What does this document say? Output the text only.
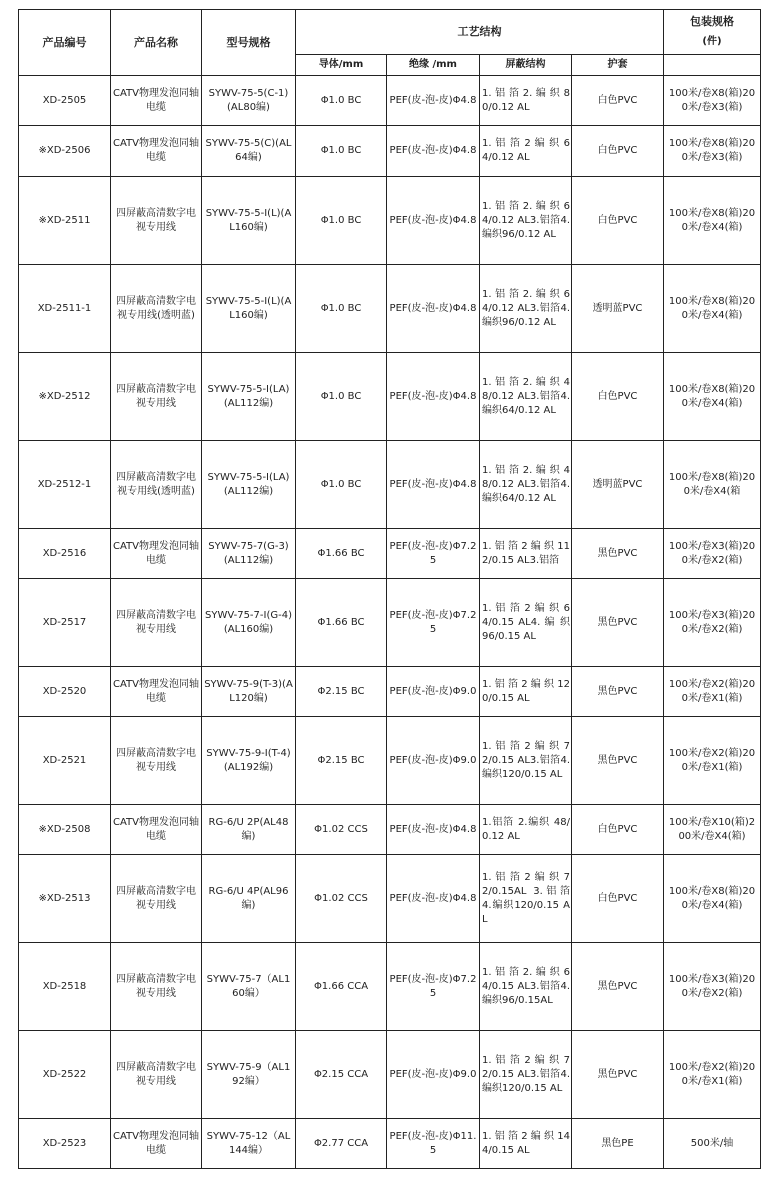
产品编号	产品名称	型号规格	工艺结构				包装规格
(件)

			导体/mm	绝缘 /mm	屏蔽结构	护套	
XD-2505	CATV物理发泡同轴电缆	SYWV-75-5(C-1)(AL80编)	Φ1.0 BC	PEF(皮-泡-皮)Φ4.8	1. 铝 箔 2. 编 织 80/0.12 AL	白色PVC	100米/卷X8(箱)200米/卷X3(箱)
※XD-2506	CATV物理发泡同轴电缆	SYWV-75-5(C)(AL64编)	Φ1.0 BC	PEF(皮-泡-皮)Φ4.8	1. 铝 箔 2 编 织 64/0.12 AL	白色PVC	100米/卷X8(箱)200米/卷X3(箱)
※XD-2511	四屏蔽高清数字电视专用线	SYWV-75-5-I(L)(AL160编)	Φ1.0 BC	PEF(皮-泡-皮)Φ4.8	1. 铝 箔 2. 编 织 64/0.12 AL3.铝箔4.编织96/0.12 AL	白色PVC	100米/卷X8(箱)200米/卷X4(箱)
XD-2511-1	四屏蔽高清数字电视专用线(透明蓝)	SYWV-75-5-I(L)(AL160编)	Φ1.0 BC	PEF(皮-泡-皮)Φ4.8	1. 铝 箔 2. 编 织 64/0.12 AL3.铝箔4.编织96/0.12 AL	透明蓝PVC	100米/卷X8(箱)200米/卷X4(箱)
※XD-2512	四屏蔽高清数字电视专用线	SYWV-75-5-I(LA)(AL112编)	Φ1.0 BC	PEF(皮-泡-皮)Φ4.8	1. 铝 箔 2. 编 织 48/0.12 AL3.铝箔4.编织64/0.12 AL	白色PVC	100米/卷X8(箱)200米/卷X4(箱)
XD-2512-1	四屏蔽高清数字电视专用线(透明蓝)	SYWV-75-5-I(LA)(AL112编)	Φ1.0 BC	PEF(皮-泡-皮)Φ4.8	1. 铝 箔 2. 编 织 48/0.12 AL3.铝箔4.编织64/0.12 AL	透明蓝PVC	100米/卷X8(箱)200米/卷X4(箱
XD-2516	CATV物理发泡同轴电缆	SYWV-75-7(G-3)(AL112编)	Φ1.66 BC	PEF(皮-泡-皮)Φ7.25	1. 铝 箔 2 编 织 112/0.15 AL3.铝箔	黑色PVC	100米/卷X3(箱)200米/卷X2(箱)
XD-2517	四屏蔽高清数字电视专用线	SYWV-75-7-I(G-4)(AL160编)	Φ1.66 BC	PEF(皮-泡-皮)Φ7.25	1. 铝 箔 2 编 织 64/0.15 AL4. 编 织 96/0.15 AL	黑色PVC	100米/卷X3(箱)200米/卷X2(箱)
XD-2520	CATV物理发泡同轴电缆	SYWV-75-9(T-3)(AL120编)	Φ2.15 BC	PEF(皮-泡-皮)Φ9.0	1. 铝 箔 2 编 织 120/0.15 AL	黑色PVC	100米/卷X2(箱)200米/卷X1(箱)
XD-2521	四屏蔽高清数字电视专用线	SYWV-75-9-I(T-4)(AL192编)	Φ2.15 BC	PEF(皮-泡-皮)Φ9.0	1. 铝 箔 2 编 织 72/0.15 AL3.铝箔4.编织120/0.15 AL	黑色PVC	100米/卷X2(箱)200米/卷X1(箱)
※XD-2508	CATV物理发泡同轴电缆	RG-6/U 2P(AL48编)	Φ1.02 CCS	PEF(皮-泡-皮)Φ4.8	1.铝箔 2.编织 48/0.12 AL	白色PVC	100米/卷X10(箱)200米/卷X4(箱)
※XD-2513	四屏蔽高清数字电视专用线	RG-6/U 4P(AL96编)	Φ1.02 CCS	PEF(皮-泡-皮)Φ4.8	1. 铝 箔 2 编 织 72/0.15AL 3.铝箔 4.编织120/0.15 AL	白色PVC	100米/卷X8(箱)200米/卷X4(箱)
XD-2518	四屏蔽高清数字电视专用线	SYWV-75-7（AL160编）	Φ1.66 CCA	PEF(皮-泡-皮)Φ7.25	1. 铝 箔 2. 编 织 64/0.15 AL3.铝箔4.编织96/0.15AL	黑色PVC	100米/卷X3(箱)200米/卷X2(箱)
XD-2522	四屏蔽高清数字电视专用线	SYWV-75-9（AL192编）	Φ2.15 CCA	PEF(皮-泡-皮)Φ9.0	1. 铝 箔 2 编 织 72/0.15 AL3.铝箔4.编织120/0.15 AL	黑色PVC	100米/卷X2(箱)200米/卷X1(箱)
XD-2523	CATV物理发泡同轴电缆	SYWV-75-12（AL144编）	Φ2.77 CCA	PEF(皮-泡-皮)Φ11.5	1. 铝 箔 2 编 织 144/0.15 AL	黑色PE	500米/轴
